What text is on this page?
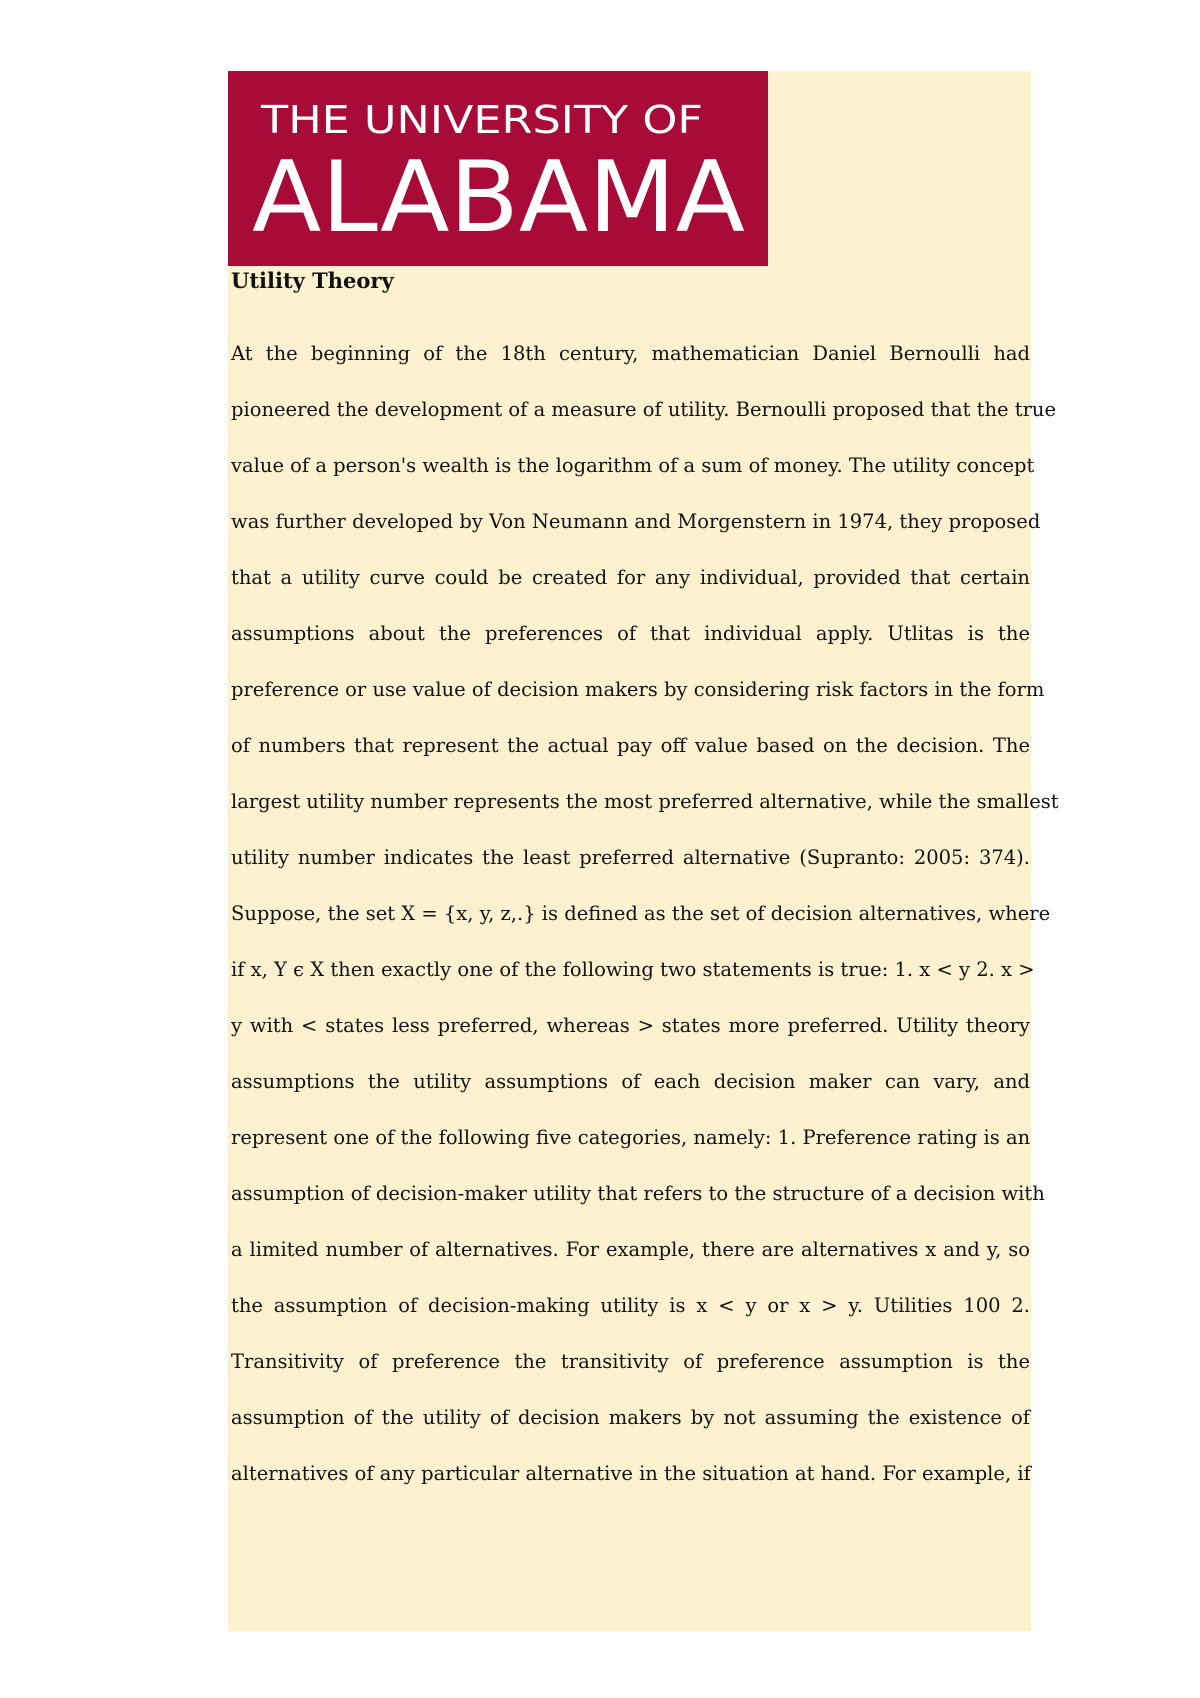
THE UNIVERSITY OF
ALABAMA
Utility Theory
At the beginning of the 18th century, mathematician Daniel Bernoulli had
pioneered the development of a measure of utility. Bernoulli proposed that the true
value of a person's wealth is the logarithm of a sum of money. The utility concept
was further developed by Von Neumann and Morgenstern in 1974, they proposed
that a utility curve could be created for any individual, provided that certain
assumptions about the preferences of that individual apply. Utlitas is the
preference or use value of decision makers by considering risk factors in the form
of numbers that represent the actual pay off value based on the decision. The
largest utility number represents the most preferred alternative, while the smallest
utility number indicates the least preferred alternative (Supranto: 2005: 374).
Suppose, the set X = {x, y, z,.} is defined as the set of decision alternatives, where
if x, Y ϵ X then exactly one of the following two statements is true: 1. x < y 2. x >
y with < states less preferred, whereas > states more preferred. Utility theory
assumptions the utility assumptions of each decision maker can vary, and
represent one of the following five categories, namely: 1. Preference rating is an
assumption of decision-maker utility that refers to the structure of a decision with
a limited number of alternatives. For example, there are alternatives x and y, so
the assumption of decision-making utility is x < y or x > y. Utilities 100 2.
Transitivity of preference the transitivity of preference assumption is the
assumption of the utility of decision makers by not assuming the existence of
alternatives of any particular alternative in the situation at hand. For example, if
